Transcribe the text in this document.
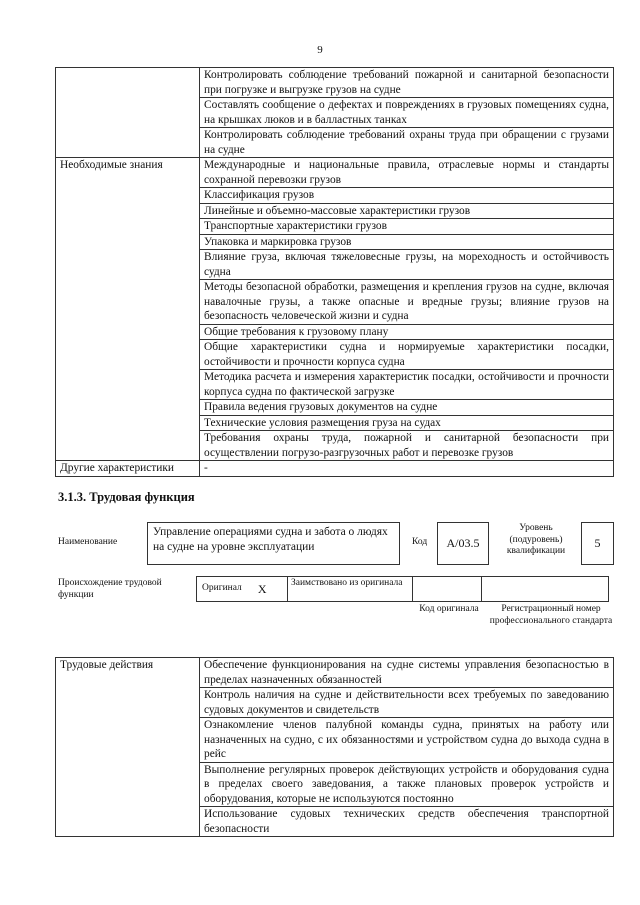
9
	Контролировать соблюдение требований пожарной и санитарной безопасности при погрузке и выгрузке грузов на судне
	Составлять сообщение о дефектах и повреждениях в грузовых помещениях судна, на крышках люков и в балластных танках
	Контролировать соблюдение требований охраны труда при обращении с грузами на судне
Необходимые знания	Международные и национальные правила, отраслевые нормы и стандарты сохранной перевозки грузов
	Классификация грузов
	Линейные и объемно-массовые характеристики грузов
	Транспортные характеристики грузов
	Упаковка и маркировка грузов
	Влияние груза, включая тяжеловесные грузы, на мореходность и остойчивость судна
	Методы безопасной обработки, размещения и крепления грузов на судне, включая навалочные грузы, а также опасные и вредные грузы; влияние грузов на безопасность человеческой жизни и судна
	Общие требования к грузовому плану
	Общие характеристики судна и нормируемые характеристики посадки, остойчивости и прочности корпуса судна
	Методика расчета и измерения характеристик посадки, остойчивости и прочности корпуса судна по фактической загрузке
	Правила ведения грузовых документов на судне
	Технические условия размещения груза на судах
	Требования охраны труда, пожарной и санитарной безопасности при осуществлении погрузо-разгрузочных работ и перевозке грузов
Другие характеристики	-
3.1.3. Трудовая функция
Наименование
Управление операциями судна и забота о людях на судне на уровне эксплуатации	Код	A/03.5
Уровень (подуровень) квалификации
5
Происхождение трудовой функции
Оригинал X	Заимствовано из оригинала
Код оригинала	Регистрационный номер профессионального стандарта
Трудовые действия	Обеспечение функционирования на судне системы управления безопасностью в пределах назначенных обязанностей
Контроль наличия на судне и действительности всех требуемых по заведованию судовых документов и свидетельств
Ознакомление членов палубной команды судна, принятых на работу или назначенных на судно, с их обязанностями и устройством судна до выхода судна в рейс
Выполнение регулярных проверок действующих устройств и оборудования судна в пределах своего заведования, а также плановых проверок устройств и оборудования, которые не используются постоянно
Использование судовых технических средств обеспечения транспортной безопасности
